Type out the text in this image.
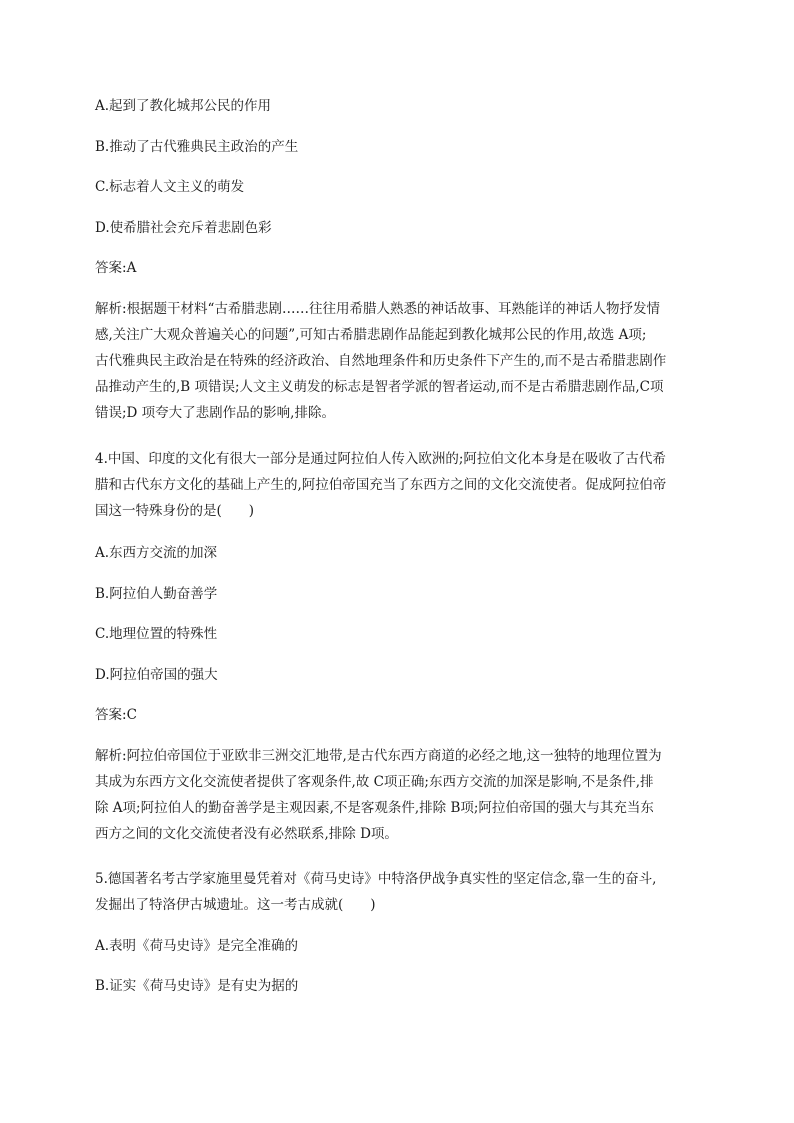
A.起到了教化城邦公民的作用
B.推动了古代雅典民主政治的产生
C.标志着人文主义的萌发
D.使希腊社会充斥着悲剧色彩
答案:A
解析:根据题干材料“古希腊悲剧……往往用希腊人熟悉的神话故事、耳熟能详的神话人物抒发情
感,关注广大观众普遍关心的问题”,可知古希腊悲剧作品能起到教化城邦公民的作用,故选 A项;
古代雅典民主政治是在特殊的经济政治、自然地理条件和历史条件下产生的,而不是古希腊悲剧作
品推动产生的,B 项错误;人文主义萌发的标志是智者学派的智者运动,而不是古希腊悲剧作品,C项
错误;D 项夸大了悲剧作品的影响,排除。
4.中国、印度的文化有很大一部分是通过阿拉伯人传入欧洲的;阿拉伯文化本身是在吸收了古代希
腊和古代东方文化的基础上产生的,阿拉伯帝国充当了东西方之间的文化交流使者。促成阿拉伯帝
国这一特殊身份的是(　　)
A.东西方交流的加深
B.阿拉伯人勤奋善学
C.地理位置的特殊性
D.阿拉伯帝国的强大
答案:C
解析:阿拉伯帝国位于亚欧非三洲交汇地带,是古代东西方商道的必经之地,这一独特的地理位置为
其成为东西方文化交流使者提供了客观条件,故 C项正确;东西方交流的加深是影响,不是条件,排
除 A项;阿拉伯人的勤奋善学是主观因素,不是客观条件,排除 B项;阿拉伯帝国的强大与其充当东
西方之间的文化交流使者没有必然联系,排除 D项。
5.德国著名考古学家施里曼凭着对《荷马史诗》中特洛伊战争真实性的坚定信念,靠一生的奋斗,
发掘出了特洛伊古城遗址。这一考古成就(　　)
A.表明《荷马史诗》是完全准确的
B.证实《荷马史诗》是有史为据的
